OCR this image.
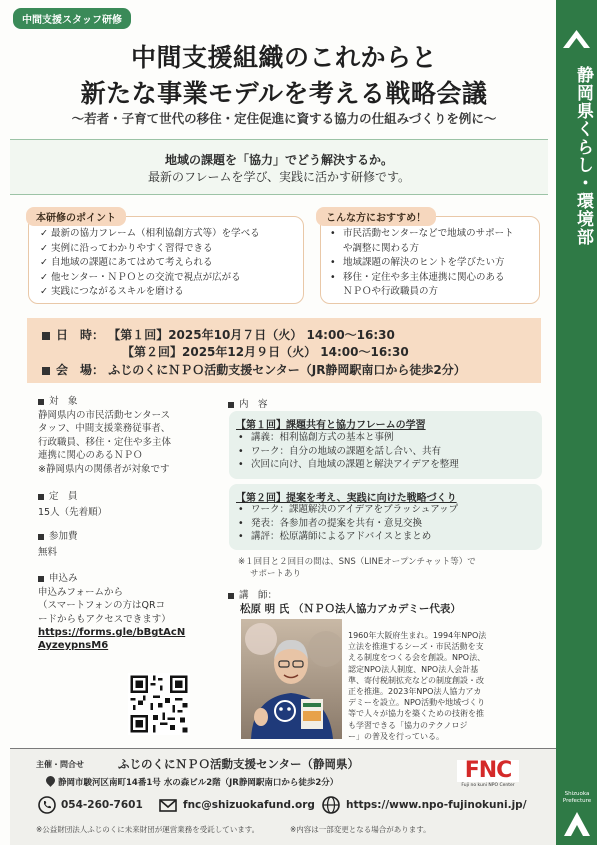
静岡県くらし・環境部
Shizuoka
Prefecture
中間支援スタッフ研修
中間支援組織のこれからと
新たな事業モデルを考える戦略会議
〜若者・子育て世代の移住・定住促進に資する協力の仕組みづくりを例に〜
地域の課題を「協力」でどう解決するか。
最新のフレームを学び、実践に活かす研修です。
本研修のポイント
✓ 最新の協力フレーム（相利協創方式等）を学べる
✓ 実例に沿ってわかりやすく習得できる
✓ 自地域の課題にあてはめて考えられる
✓ 他センター・ＮＰＯとの交流で視点が広がる
✓ 実践につながるスキルを磨ける
こんな方におすすめ！
• 市民活動センターなどで地域のサポート
や調整に関わる方
• 地域課題の解決のヒントを学びたい方
• 移住・定住や多主体連携に関心のある
ＮＰＯや行政職員の方
日　時： 【第１回】2025年10月７日（火） 14:00〜16:30
【第２回】2025年12月９日（火） 14:00〜16:30
会　場： ふじのくにＮＰＯ活動支援センター（JR静岡駅南口から徒歩2分）
対　象
静岡県内の市民活動センタース
タッフ、中間支援業務従事者、
行政職員、移住・定住や多主体
連携に関心のあるＮＰＯ
※静岡県内の関係者が対象です
定　員
15人（先着順）
参加費
無料
申込み
申込みフォームから
（スマートフォンの方はQRコ
ードからもアクセスできます）
https://forms.gle/bBgtAcN
AyzeypnsM6
内　容
【第１回】課題共有と協力フレームの学習
• 講義：相利協創方式の基本と事例
• ワーク：自分の地域の課題を話し合い、共有
• 次回に向け、自地域の課題と解決アイデアを整理
【第２回】提案を考え、実践に向けた戦略づくり
• ワーク：課題解決のアイデアをブラッシュアップ
• 発表：各参加者の提案を共有・意見交換
• 講評：松原講師によるアドバイスとまとめ
※１回目と２回目の間は、SNS（LINEオープンチャット等）で
サポートあり
講　師：
松原 明 氏 （ＮＰＯ法人協力アカデミー代表）
1960年大阪府生まれ。1994年NPO法
立法を推進するシーズ・市民活動を支
える制度をつくる会を創設。NPO法、
認定NPO法人制度、NPO法人会計基
準、寄付税制拡充などの制度創設・改
正を推進。2023年NPO法人協力アカ
デミーを設立。NPO活動や地域づくり
等で人々が協力を築くための技術を推
も学習できる「協力のテクノロジ
ー」の普及を行っている。
主催・問合せ	ふじのくにＮＰＯ活動支援センター（静岡県）
静岡市駿河区南町14番1号 水の森ビル2階（JR静岡駅南口から徒歩2分）
054-260-7601	fnc@shizuokafund.org	https://www.npo-fujinokuni.jp/
FNC
Fuji no kuni NPO Center
※公益財団法人ふじのくに未来財団が運営業務を受託しています。	※内容は一部変更となる場合があります。
